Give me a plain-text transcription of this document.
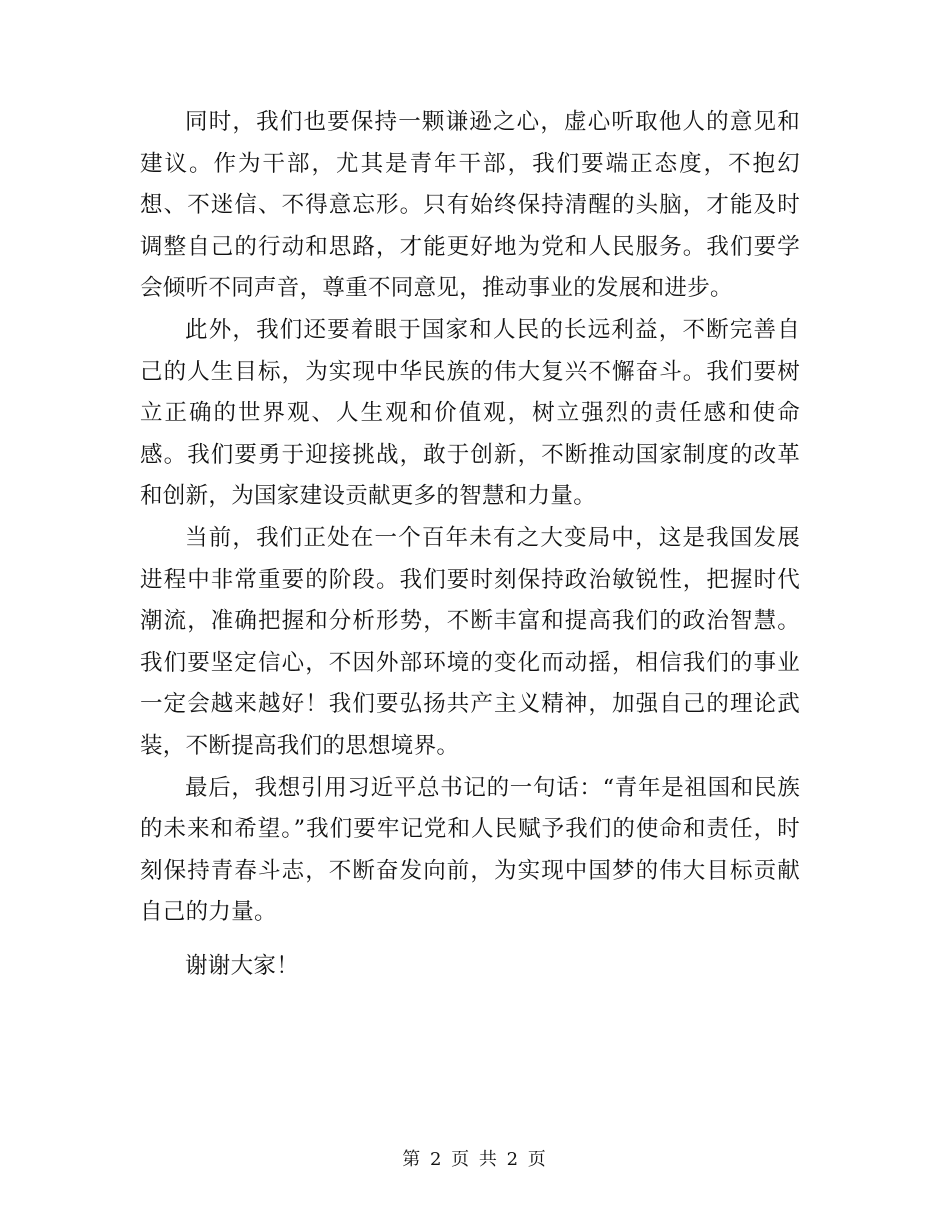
同时，我们也要保持一颗谦逊之心，虚心听取他人的意见和建议。作为干部，尤其是青年干部，我们要端正态度，不抱幻想、不迷信、不得意忘形。只有始终保持清醒的头脑，才能及时调整自己的行动和思路，才能更好地为党和人民服务。我们要学会倾听不同声音，尊重不同意见，推动事业的发展和进步。

此外，我们还要着眼于国家和人民的长远利益，不断完善自己的人生目标，为实现中华民族的伟大复兴不懈奋斗。我们要树立正确的世界观、人生观和价值观，树立强烈的责任感和使命感。我们要勇于迎接挑战，敢于创新，不断推动国家制度的改革和创新，为国家建设贡献更多的智慧和力量。

当前，我们正处在一个百年未有之大变局中，这是我国发展进程中非常重要的阶段。我们要时刻保持政治敏锐性，把握时代潮流，准确把握和分析形势，不断丰富和提高我们的政治智慧。我们要坚定信心，不因外部环境的变化而动摇，相信我们的事业一定会越来越好！我们要弘扬共产主义精神，加强自己的理论武装，不断提高我们的思想境界。

最后，我想引用习近平总书记的一句话：“青年是祖国和民族的未来和希望。”我们要牢记党和人民赋予我们的使命和责任，时刻保持青春斗志，不断奋发向前，为实现中国梦的伟大目标贡献自己的力量。

谢谢大家！

第 2 页 共 2 页
